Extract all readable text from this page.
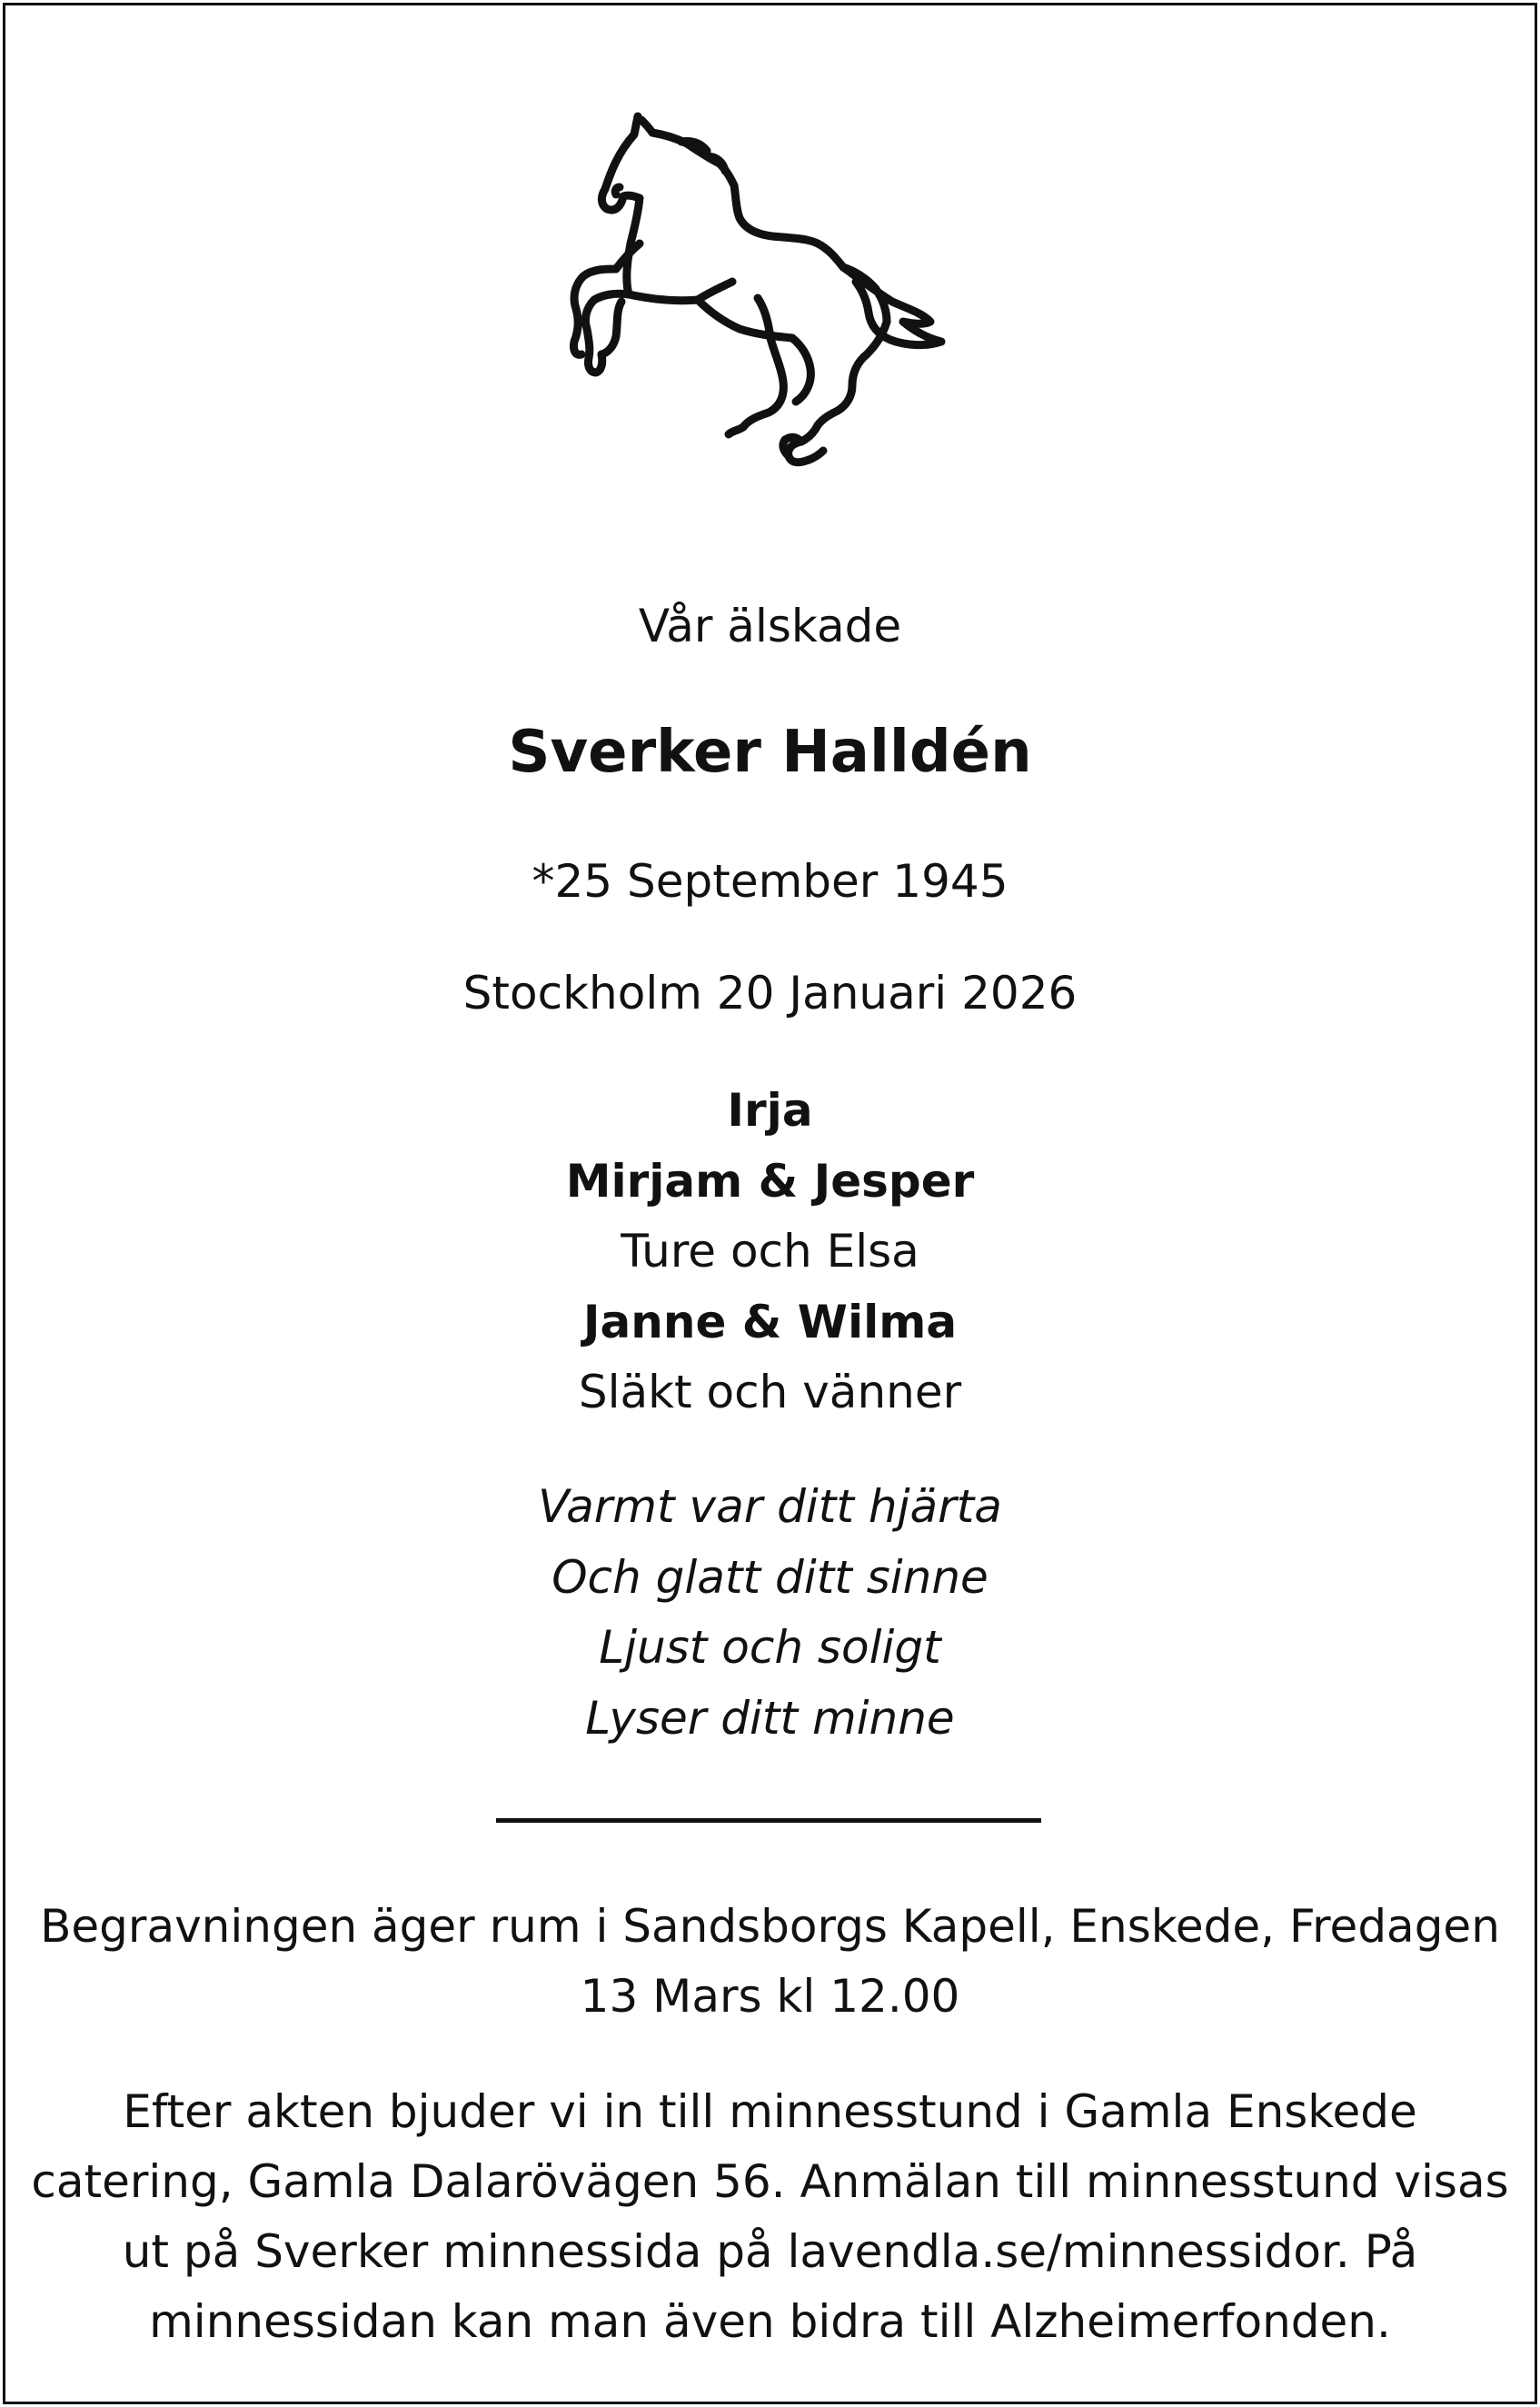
Vår älskade
Sverker Halldén
*25 September 1945
Stockholm 20 Januari 2026
Irja
Mirjam & Jesper
Ture och Elsa
Janne & Wilma
Släkt och vänner
Varmt var ditt hjärta
Och glatt ditt sinne
Ljust och soligt
Lyser ditt minne
Begravningen äger rum i Sandsborgs Kapell, Enskede, Fredagen 13 Mars kl 12.00
Efter akten bjuder vi in till minnesstund i Gamla Enskede catering, Gamla Dalarövägen 56. Anmälan till minnesstund visas ut på Sverker minnessida på lavendla.se/minnessidor. På minnessidan kan man även bidra till Alzheimerfonden.
